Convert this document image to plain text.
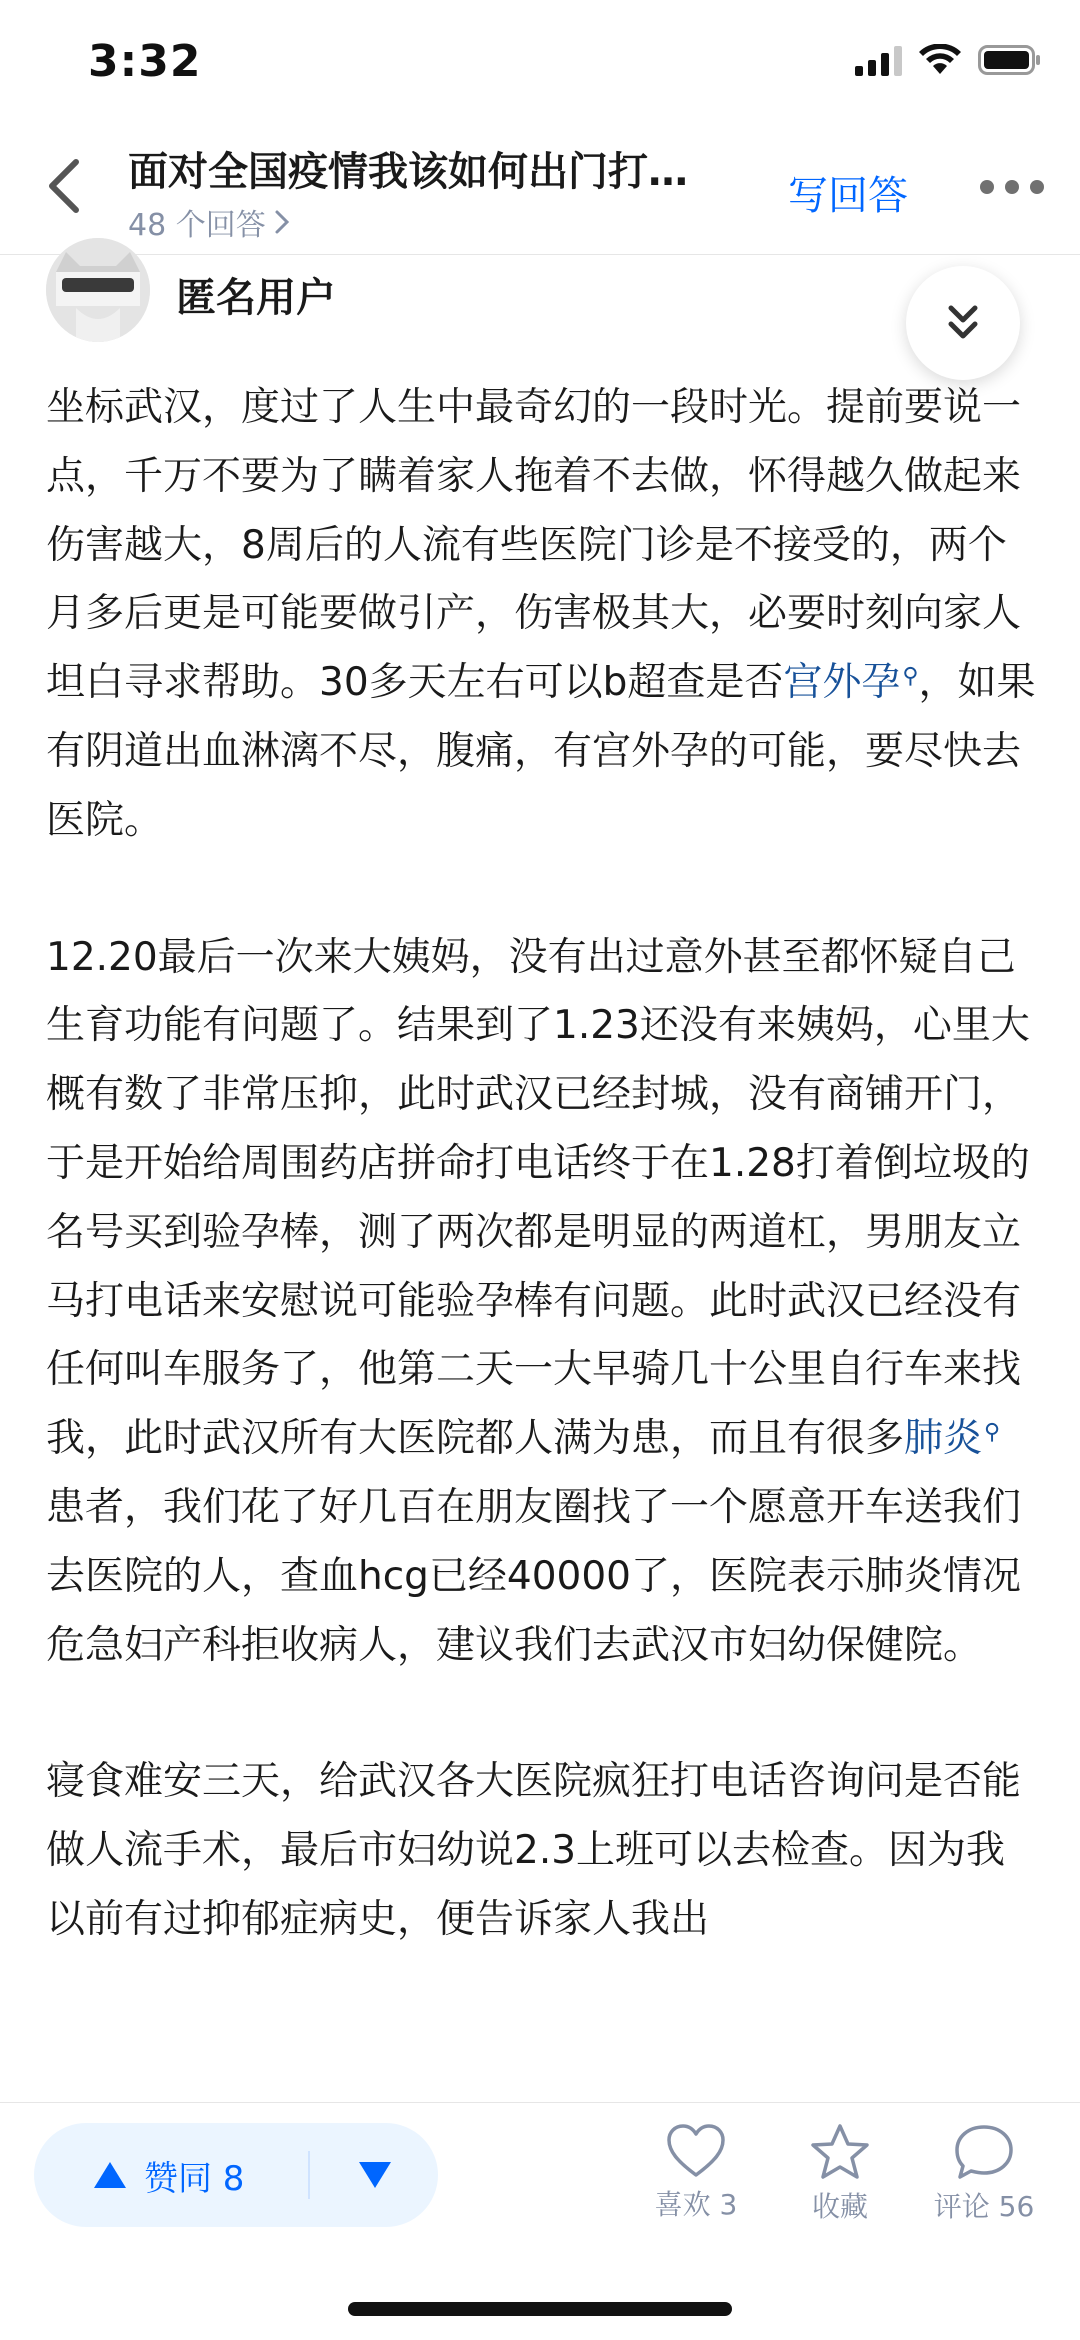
3:32
面对全国疫情我该如何出门打…
48 个回答
写回答
匿名用户

坐标武汉，度过了人生中最奇幻的一段时光。提前要说一点，千万不要为了瞒着家人拖着不去做，怀得越久做起来伤害越大，8周后的人流有些医院门诊是不接受的，两个月多后更是可能要做引产，伤害极其大，必要时刻向家人坦白寻求帮助。30多天左右可以b超查是否宫外孕⚲，如果有阴道出血淋漓不尽，腹痛，有宫外孕的可能，要尽快去医院。

12.20最后一次来大姨妈，没有出过意外甚至都怀疑自己生育功能有问题了。结果到了1.23还没有来姨妈，心里大概有数了非常压抑，此时武汉已经封城，没有商铺开门，于是开始给周围药店拼命打电话终于在1.28打着倒垃圾的名号买到验孕棒，测了两次都是明显的两道杠，男朋友立马打电话来安慰说可能验孕棒有问题。此时武汉已经没有任何叫车服务了，他第二天一大早骑几十公里自行车来找我，此时武汉所有大医院都人满为患，而且有很多肺炎⚲患者，我们花了好几百在朋友圈找了一个愿意开车送我们去医院的人，查血hcg已经40000了，医院表示肺炎情况危急妇产科拒收病人，建议我们去武汉市妇幼保健院。

寝食难安三天，给武汉各大医院疯狂打电话咨询问是否能做人流手术，最后市妇幼说2.3上班可以去检查。因为我以前有过抑郁症病史，便告诉家人我出

赞同 8
喜欢 3	收藏	评论 56
